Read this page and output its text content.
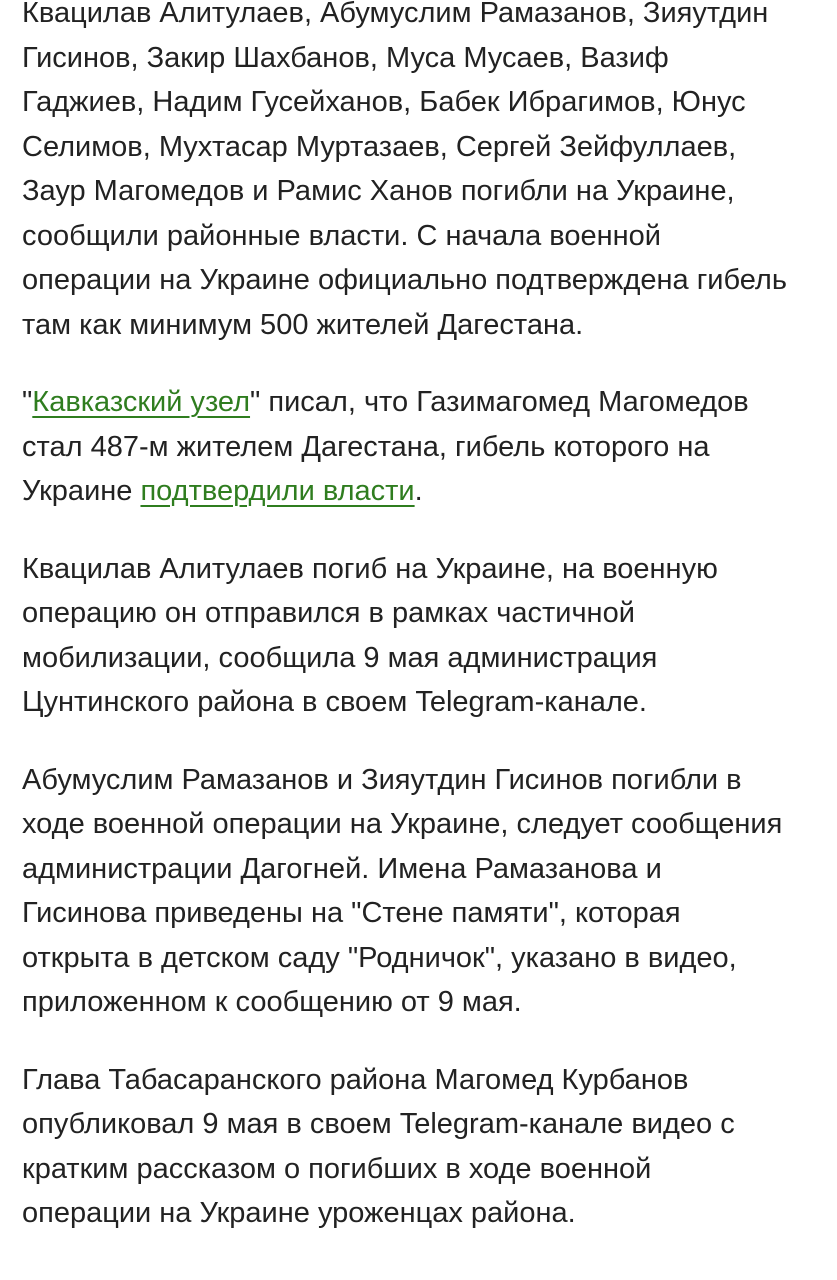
Квацилав Алитулаев, Абумуслим Рамазанов, Зияутдин
Гисинов, Закир Шахбанов, Муса Мусаев, Вазиф
Гаджиев, Надим Гусейханов, Бабек Ибрагимов, Юнус
Селимов, Мухтасар Муртазаев, Сергей Зейфуллаев,
Заур Магомедов и Рамис Ханов погибли на Украине,
сообщили районные власти. С начала военной
операции на Украине официально подтверждена гибель
там как минимум 500 жителей Дагестана.

"Кавказский узел" писал, что Газимагомед Магомедов
стал 487-м жителем Дагестана, гибель которого на
Украине подтвердили власти.

Квацилав Алитулаев погиб на Украине, на военную
операцию он отправился в рамках частичной
мобилизации, сообщила 9 мая администрация
Цунтинского района в своем Telegram-канале.

Абумуслим Рамазанов и Зияутдин Гисинов погибли в
ходе военной операции на Украине, следует сообщения
администрации Дагогней. Имена Рамазанова и
Гисинова приведены на "Стене памяти", которая
открыта в детском саду "Родничок", указано в видео,
приложенном к сообщению от 9 мая.

Глава Табасаранского района Магомед Курбанов
опубликовал 9 мая в своем Telegram-канале видео с
кратким рассказом о погибших в ходе военной
операции на Украине уроженцах района.
